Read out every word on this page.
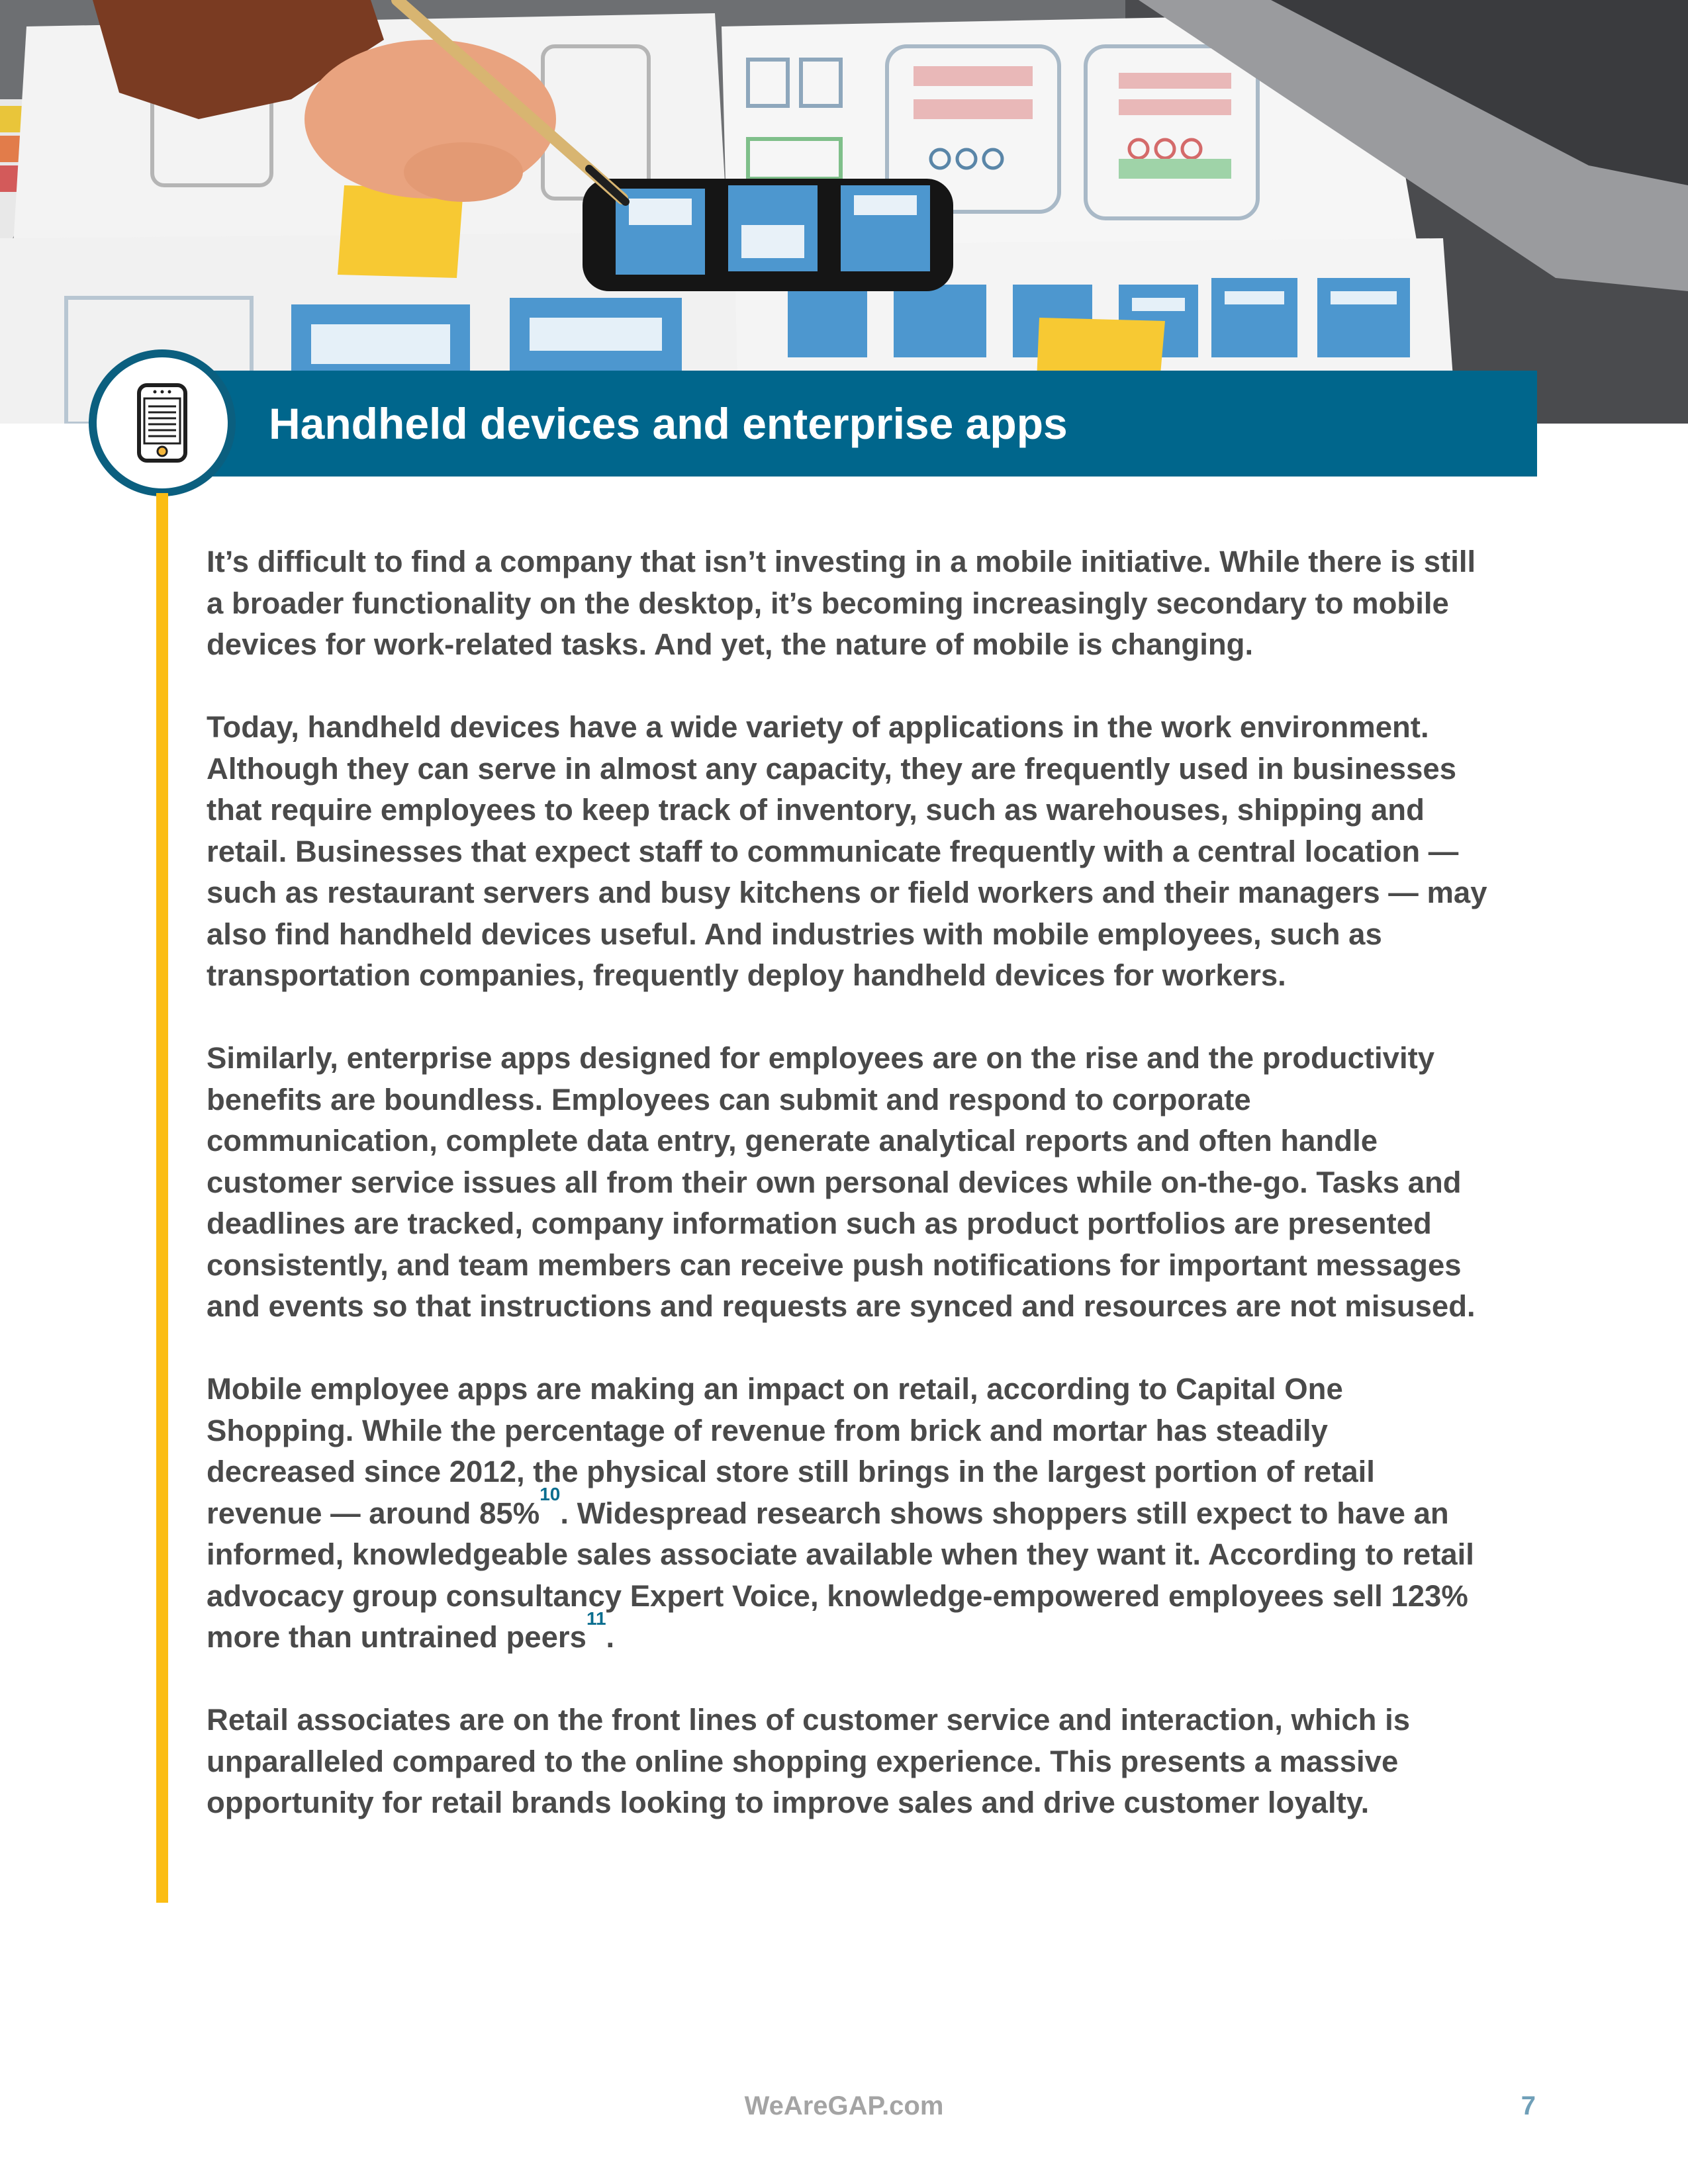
Handheld devices and enterprise apps

It’s difficult to find a company that isn’t investing in a mobile initiative. While there is still
a broader functionality on the desktop, it’s becoming increasingly secondary to mobile
devices for work-related tasks. And yet, the nature of mobile is changing.

Today, handheld devices have a wide variety of applications in the work environment.
Although they can serve in almost any capacity, they are frequently used in businesses
that require employees to keep track of inventory, such as warehouses, shipping and
retail. Businesses that expect staff to communicate frequently with a central location —
such as restaurant servers and busy kitchens or field workers and their managers — may
also find handheld devices useful. And industries with mobile employees, such as
transportation companies, frequently deploy handheld devices for workers.

Similarly, enterprise apps designed for employees are on the rise and the productivity
benefits are boundless. Employees can submit and respond to corporate
communication, complete data entry, generate analytical reports and often handle
customer service issues all from their own personal devices while on-the-go. Tasks and
deadlines are tracked, company information such as product portfolios are presented
consistently, and team members can receive push notifications for important messages
and events so that instructions and requests are synced and resources are not misused.

Mobile employee apps are making an impact on retail, according to Capital One
Shopping. While the percentage of revenue from brick and mortar has steadily
decreased since 2012, the physical store still brings in the largest portion of retail
revenue — around 85%$^{10}$. Widespread research shows shoppers still expect to have an
informed, knowledgeable sales associate available when they want it. According to retail
advocacy group consultancy Expert Voice, knowledge-empowered employees sell 123%
more than untrained peers$^{11}$.

Retail associates are on the front lines of customer service and interaction, which is
unparalleled compared to the online shopping experience. This presents a massive
opportunity for retail brands looking to improve sales and drive customer loyalty.

WeAreGAP.com	7
